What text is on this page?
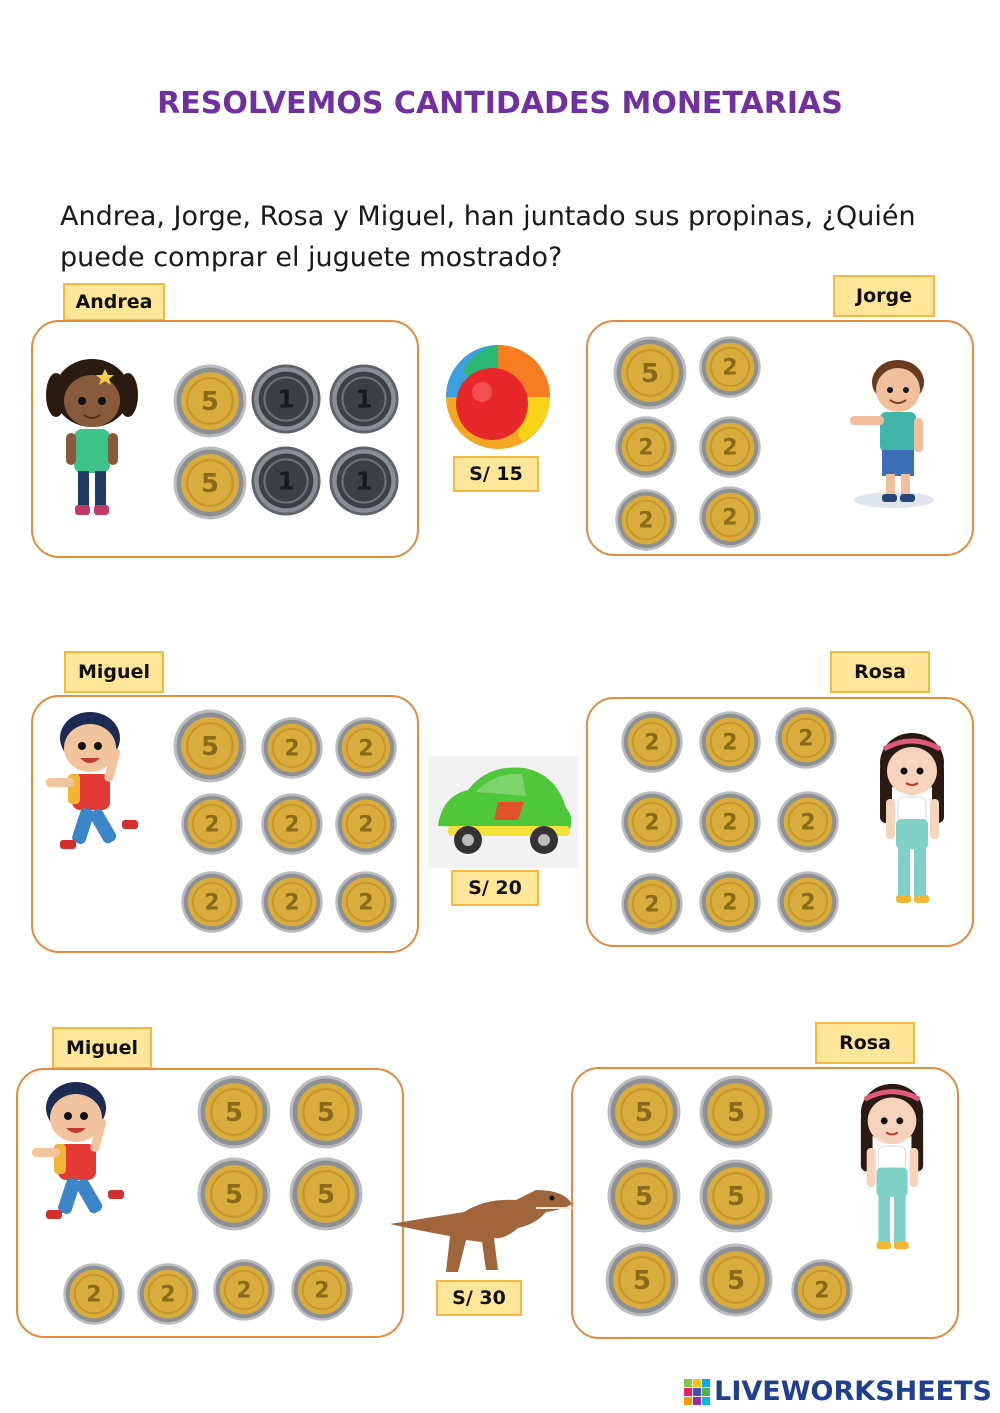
RESOLVEMOS CANTIDADES MONETARIAS
Andrea, Jorge, Rosa y Miguel, han juntado sus propinas, ¿Quién
puede comprar el juguete mostrado?
Andrea	Jorge
S/ 15
Miguel	Rosa
S/ 20
Miguel	Rosa
S/ 30
5 1 1
5 1 1
5 2
2 2
2 2
5 2 2
2 2 2
2 2 2
2 2 2
2 2 2
2 2 2
5 5
5 5
2 2 2 2
5 5
5 5
5 5 2
LIVEWORKSHEETS
